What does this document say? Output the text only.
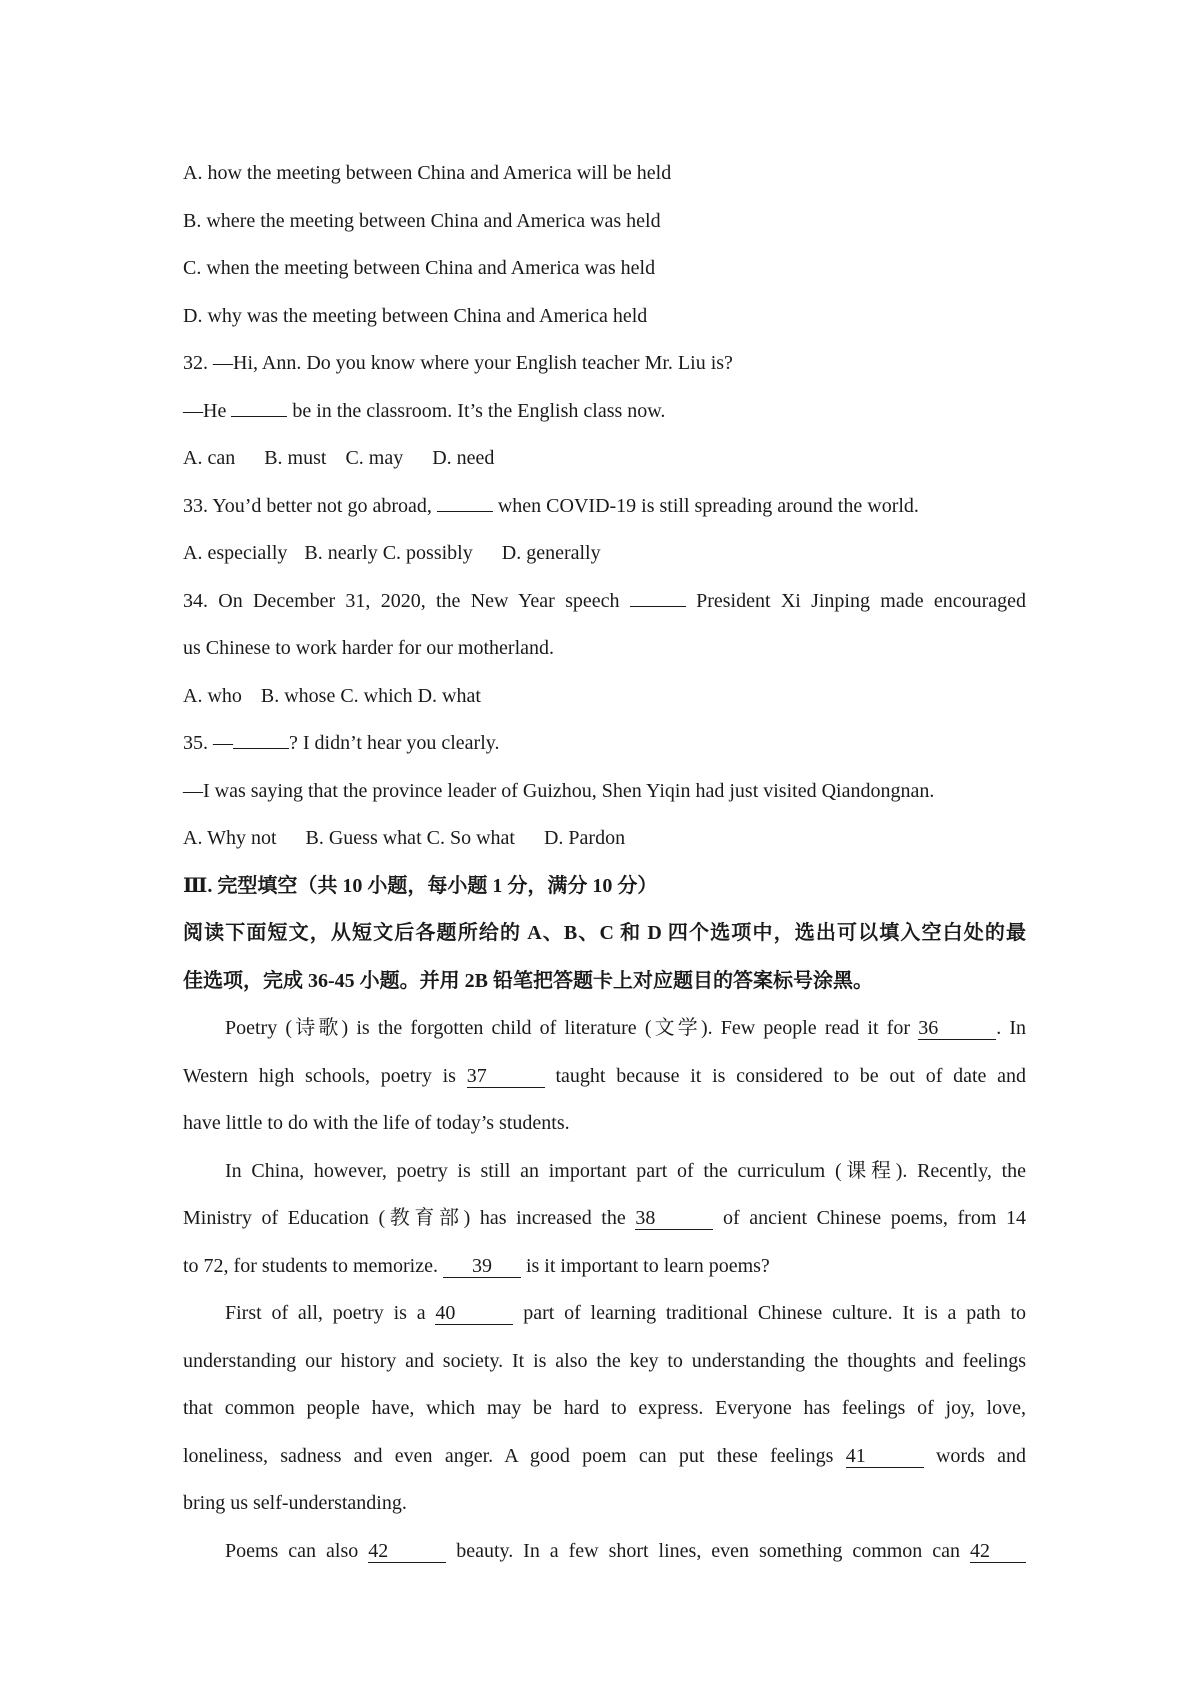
A. how the meeting between China and America will be held
B. where the meeting between China and America was held
C. when the meeting between China and America was held
D. why was the meeting between China and America held
32. —Hi, Ann. Do you know where your English teacher Mr. Liu is?
—He	be in the classroom. It’s the English class now.
A. can B. must C. may D. need
33. You’d better not go abroad,	when COVID-19 is still spreading around the world.
A. especially B. nearly C. possibly D. generally
34. On December 31, 2020, the New Year speech	President Xi Jinping made encouraged
us Chinese to work harder for our motherland.
A. who B. whose C. which D. what
35. —	? I didn’t hear you clearly.
—I was saying that the province leader of Guizhou, Shen Yiqin had just visited Qiandongnan.
A. Why not B. Guess what C. So what D. Pardon
Ⅲ. 完型填空（共 10 小题，每小题 1 分，满分 10 分）
阅读下面短文，从短文后各题所给的 A、B、C 和 D 四个选项中，选出可以填入空白处的最
佳选项，完成 36-45 小题。并用 2B 铅笔把答题卡上对应题目的答案标号涂黑。
Poetry (诗歌) is the forgotten child of literature (文学). Few people read it for 36	. In
Western high schools, poetry is 37	taught because it is considered to be out of date and
have little to do with the life of today’s students.
In China, however, poetry is still an important part of the curriculum (课程). Recently, the
Ministry of Education (教育部) has increased the 38	of ancient Chinese poems, from 14
to 72, for students to memorize. 39 is it important to learn poems?
First of all, poetry is a 40	part of learning traditional Chinese culture. It is a path to
understanding our history and society. It is also the key to understanding the thoughts and feelings
that common people have, which may be hard to express. Everyone has feelings of joy, love,
loneliness, sadness and even anger. A good poem can put these feelings 41	words and
bring us self-understanding.
Poems can also 42	beauty. In a few short lines, even something common can 42
